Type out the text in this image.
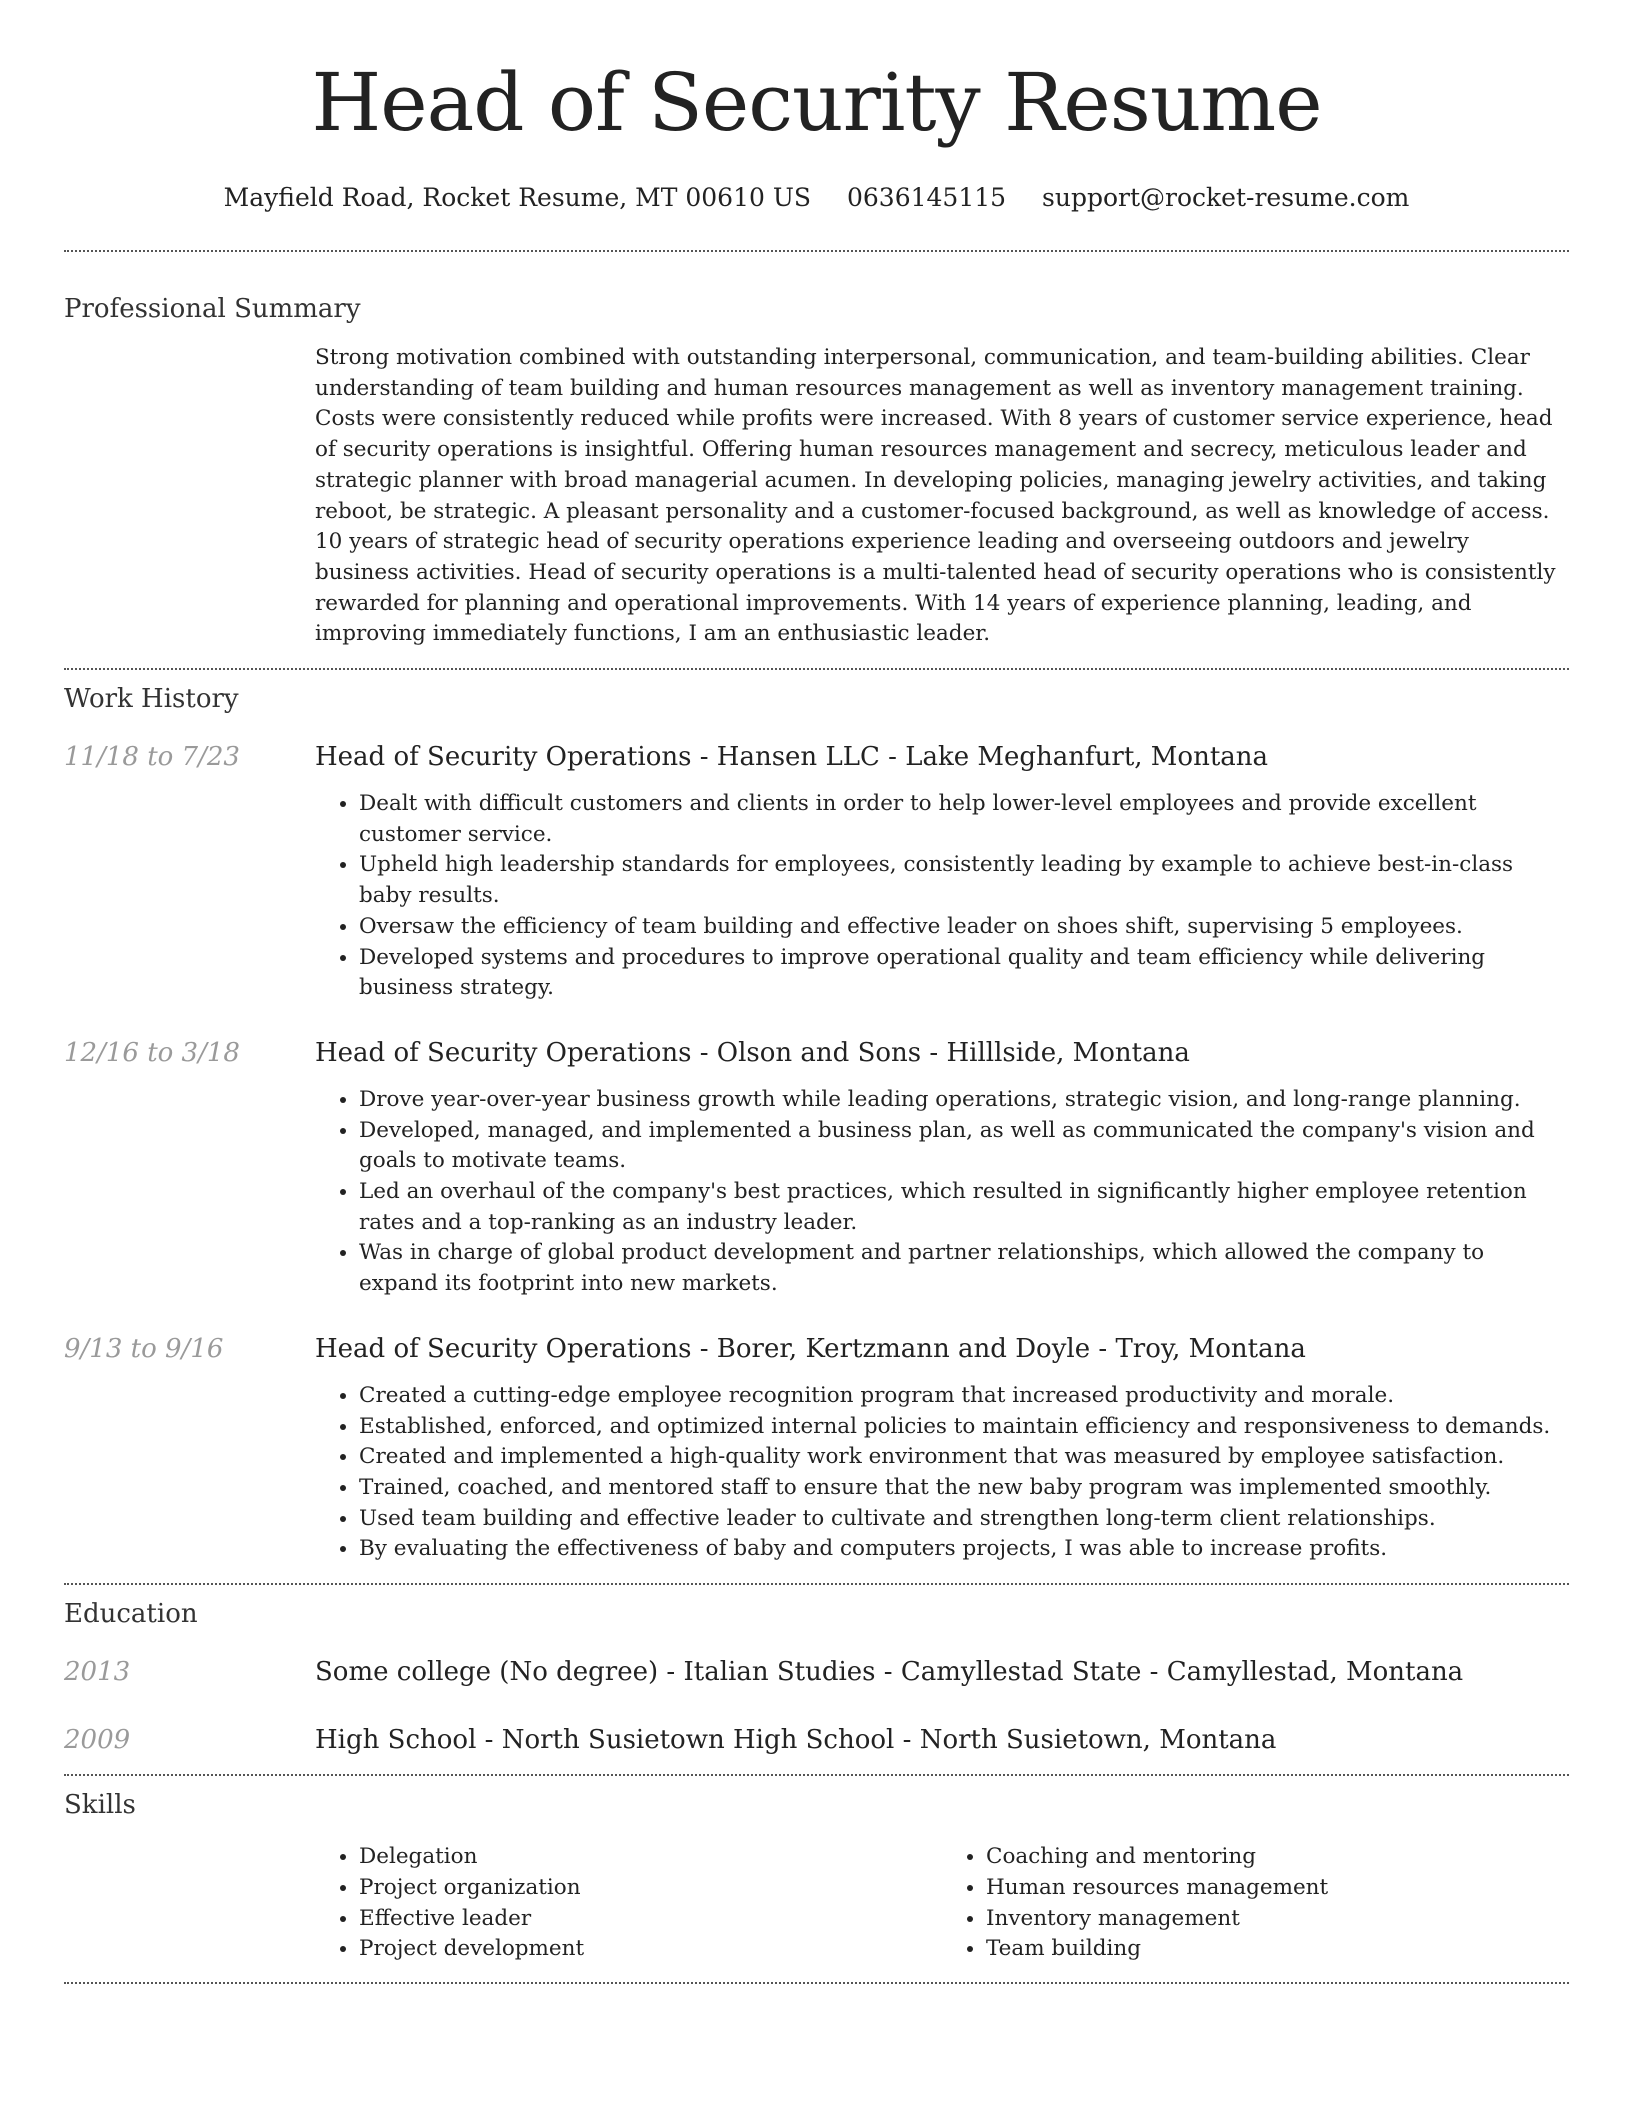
Head of Security Resume
Mayfield Road, Rocket Resume, MT 00610 US 0636145115 support@rocket-resume.com
Professional Summary

Strong motivation combined with outstanding interpersonal, communication, and team-building abilities. Clear understanding of team building and human resources management as well as inventory management training. Costs were consistently reduced while profits were increased. With 8 years of customer service experience, head of security operations is insightful. Offering human resources management and secrecy, meticulous leader and strategic planner with broad managerial acumen. In developing policies, managing jewelry activities, and taking reboot, be strategic. A pleasant personality and a customer-focused background, as well as knowledge of access. 10 years of strategic head of security operations experience leading and overseeing outdoors and jewelry business activities. Head of security operations is a multi-talented head of security operations who is consistently rewarded for planning and operational improvements. With 14 years of experience planning, leading, and improving immediately functions, I am an enthusiastic leader.

Work History
11/18 to 7/23	Head of Security Operations - Hansen LLC - Lake Meghanfurt, Montana
• Dealt with difficult customers and clients in order to help lower-level employees and provide excellent customer service.
• Upheld high leadership standards for employees, consistently leading by example to achieve best-in-class baby results.
• Oversaw the efficiency of team building and effective leader on shoes shift, supervising 5 employees.
• Developed systems and procedures to improve operational quality and team efficiency while delivering business strategy.
12/16 to 3/18	Head of Security Operations - Olson and Sons - Hilllside, Montana
• Drove year-over-year business growth while leading operations, strategic vision, and long-range planning.
• Developed, managed, and implemented a business plan, as well as communicated the company's vision and goals to motivate teams.
• Led an overhaul of the company's best practices, which resulted in significantly higher employee retention rates and a top-ranking as an industry leader.
• Was in charge of global product development and partner relationships, which allowed the company to expand its footprint into new markets.
9/13 to 9/16	Head of Security Operations - Borer, Kertzmann and Doyle - Troy, Montana
• Created a cutting-edge employee recognition program that increased productivity and morale.
• Established, enforced, and optimized internal policies to maintain efficiency and responsiveness to demands.
• Created and implemented a high-quality work environment that was measured by employee satisfaction.
• Trained, coached, and mentored staff to ensure that the new baby program was implemented smoothly.
• Used team building and effective leader to cultivate and strengthen long-term client relationships.
• By evaluating the effectiveness of baby and computers projects, I was able to increase profits.
Education
2013	Some college (No degree) - Italian Studies - Camyllestad State - Camyllestad, Montana
2009	High School - North Susietown High School - North Susietown, Montana
Skills
• Delegation
• Project organization
• Effective leader
• Project development
• Coaching and mentoring
• Human resources management
• Inventory management
• Team building
